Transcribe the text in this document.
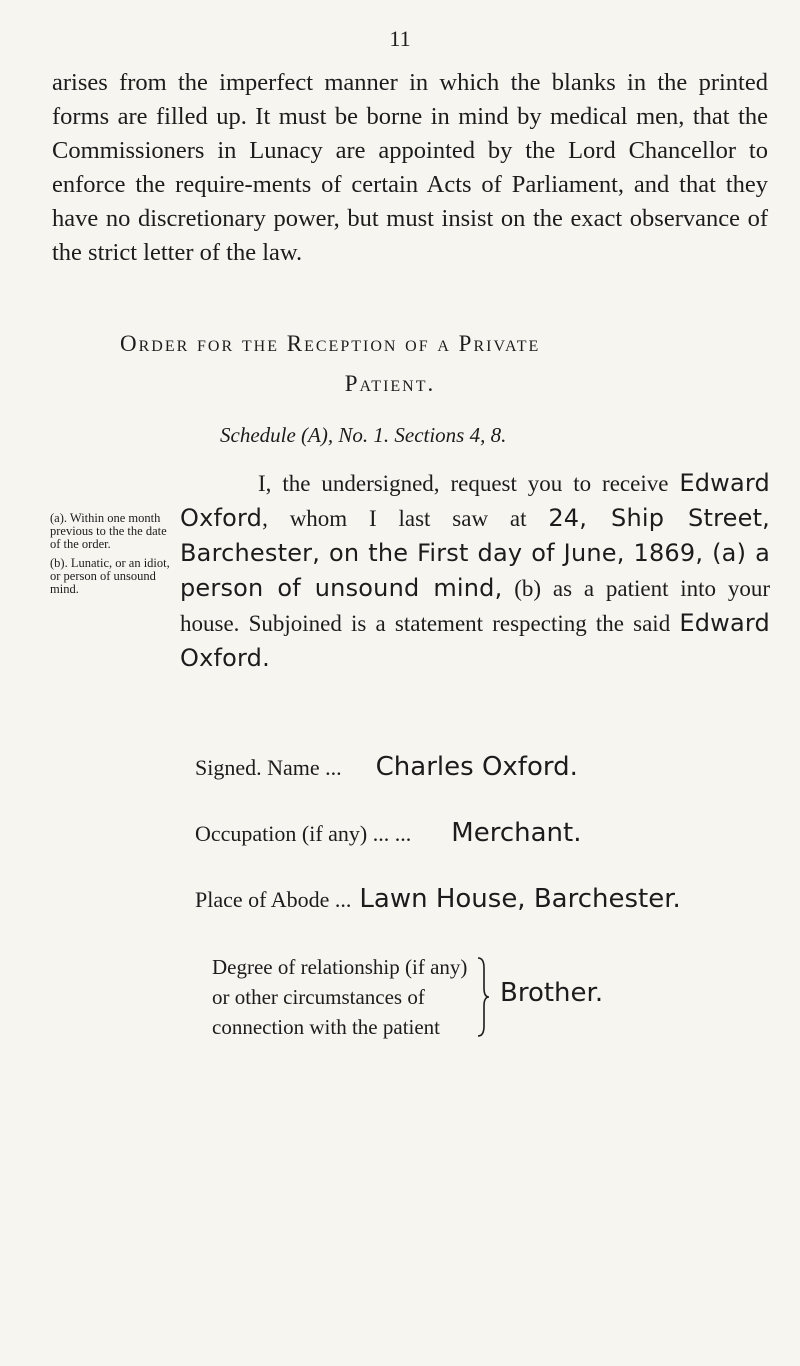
11
arises from the imperfect manner in which the blanks in the printed forms are filled up. It must be borne in mind by medical men, that the Commissioners in Lunacy are appointed by the Lord Chancellor to enforce the require-ments of certain Acts of Parliament, and that they have no discretionary power, but must insist on the exact observance of the strict letter of the law.
Order for the Reception of a Private
Patient.
Schedule (A), No. 1. Sections 4, 8.

(a). Within one month previous to the the date of the order.

(b). Lunatic, or an idiot, or person of unsound mind.

I, the undersigned, request you to receive Edward Oxford, whom I last saw at 24, Ship Street, Barchester, on the First day of June, 1869, (a) a person of unsound mind, (b) as a patient into your house. Subjoined is a statement respecting the said Edward Oxford.
Signed. Name ... Charles Oxford.
Occupation (if any) ... ... Merchant.
Place of Abode ... Lawn House, Barchester.
Degree of relationship (if any)
or other circumstances of
connection with the patient
Brother.
